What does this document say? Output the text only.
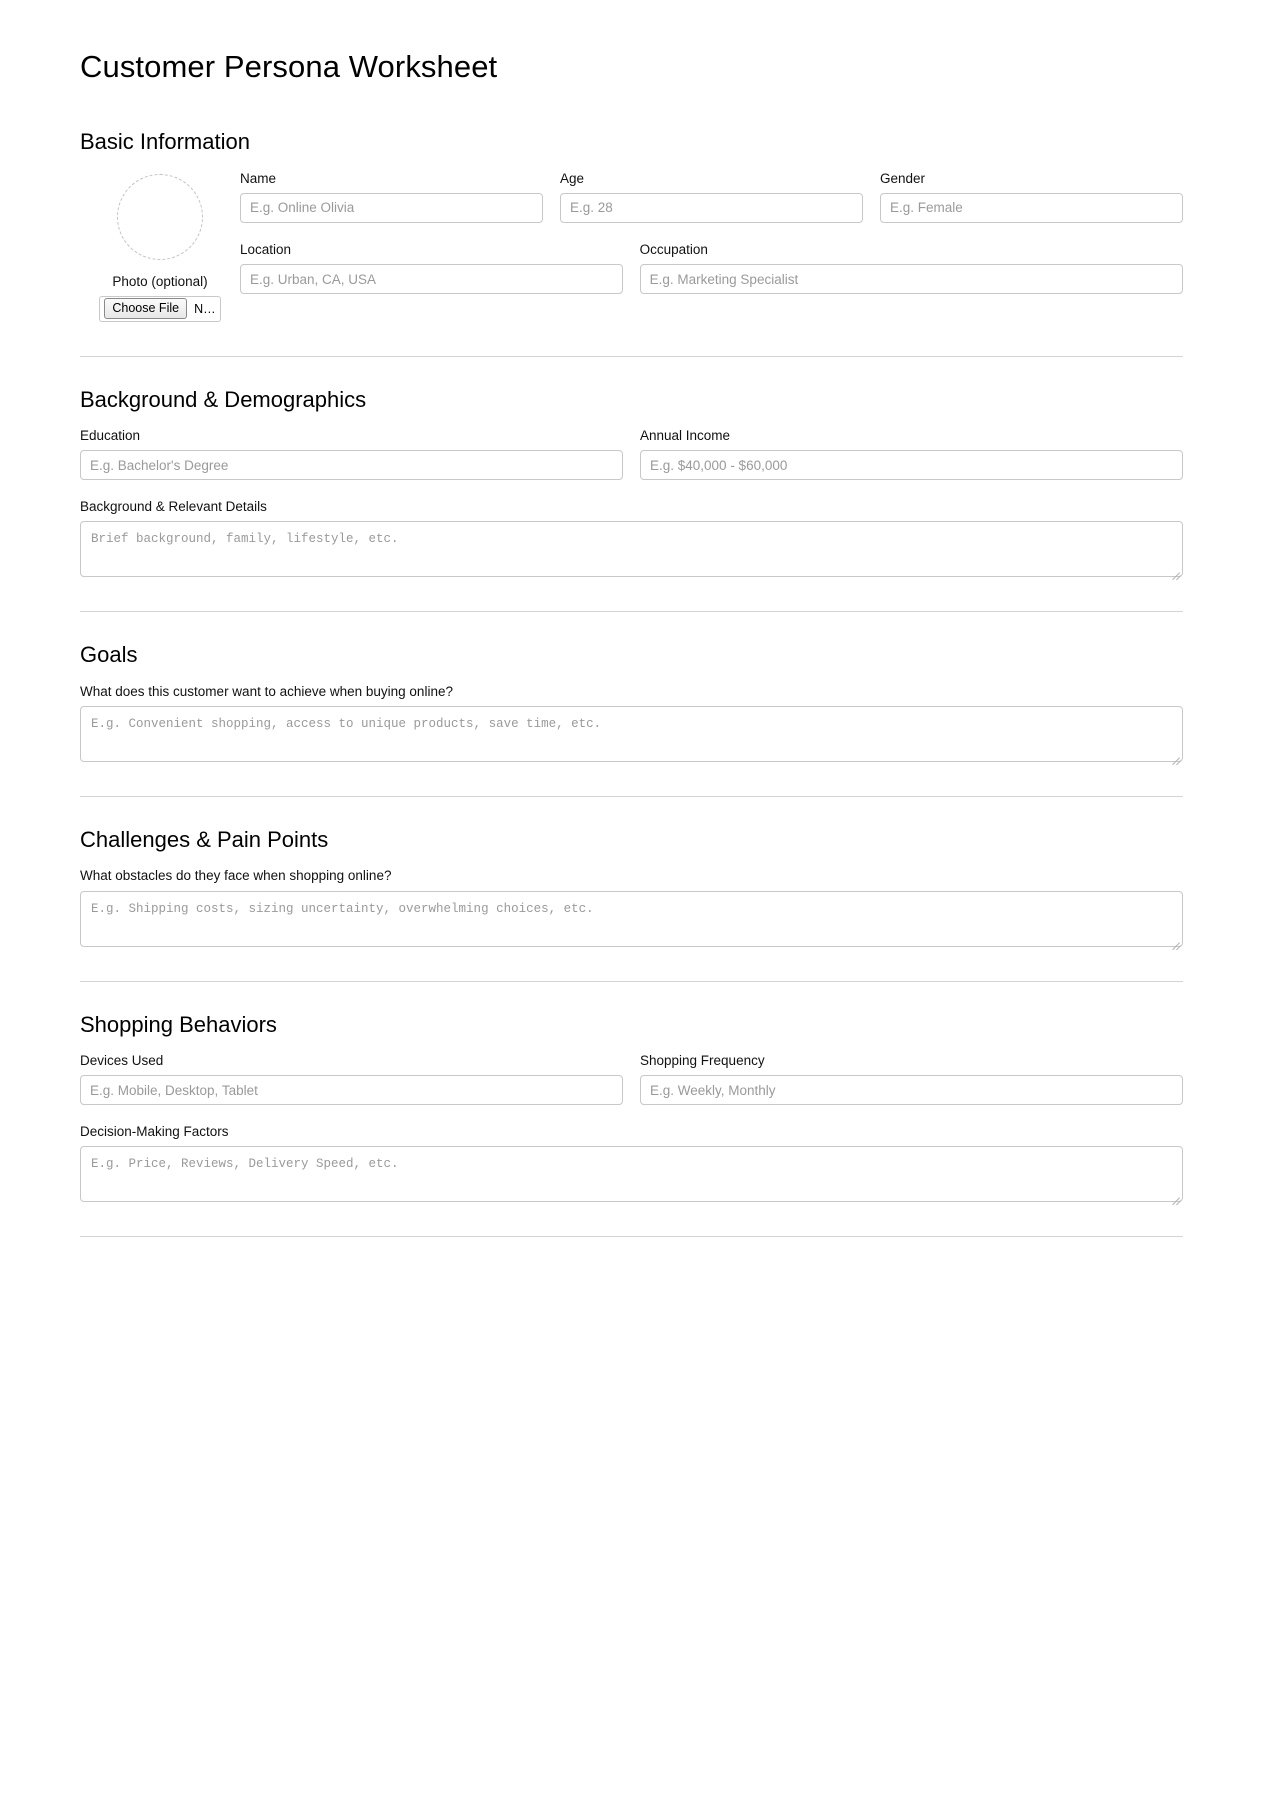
Customer Persona Worksheet
Basic Information
Photo (optional)
Choose File	N…
Name
E.g. Online Olivia
Age
E.g. 28
Gender
E.g. Female
Location
E.g. Urban, CA, USA
Occupation
E.g. Marketing Specialist
Background & Demographics
Education
E.g. Bachelor's Degree
Annual Income
E.g. $40,000 - $60,000
Background & Relevant Details
Brief background, family, lifestyle, etc.
Goals
What does this customer want to achieve when buying online?
E.g. Convenient shopping, access to unique products, save time, etc.
Challenges & Pain Points
What obstacles do they face when shopping online?
E.g. Shipping costs, sizing uncertainty, overwhelming choices, etc.
Shopping Behaviors
Devices Used
E.g. Mobile, Desktop, Tablet
Shopping Frequency
E.g. Weekly, Monthly
Decision-Making Factors
E.g. Price, Reviews, Delivery Speed, etc.
